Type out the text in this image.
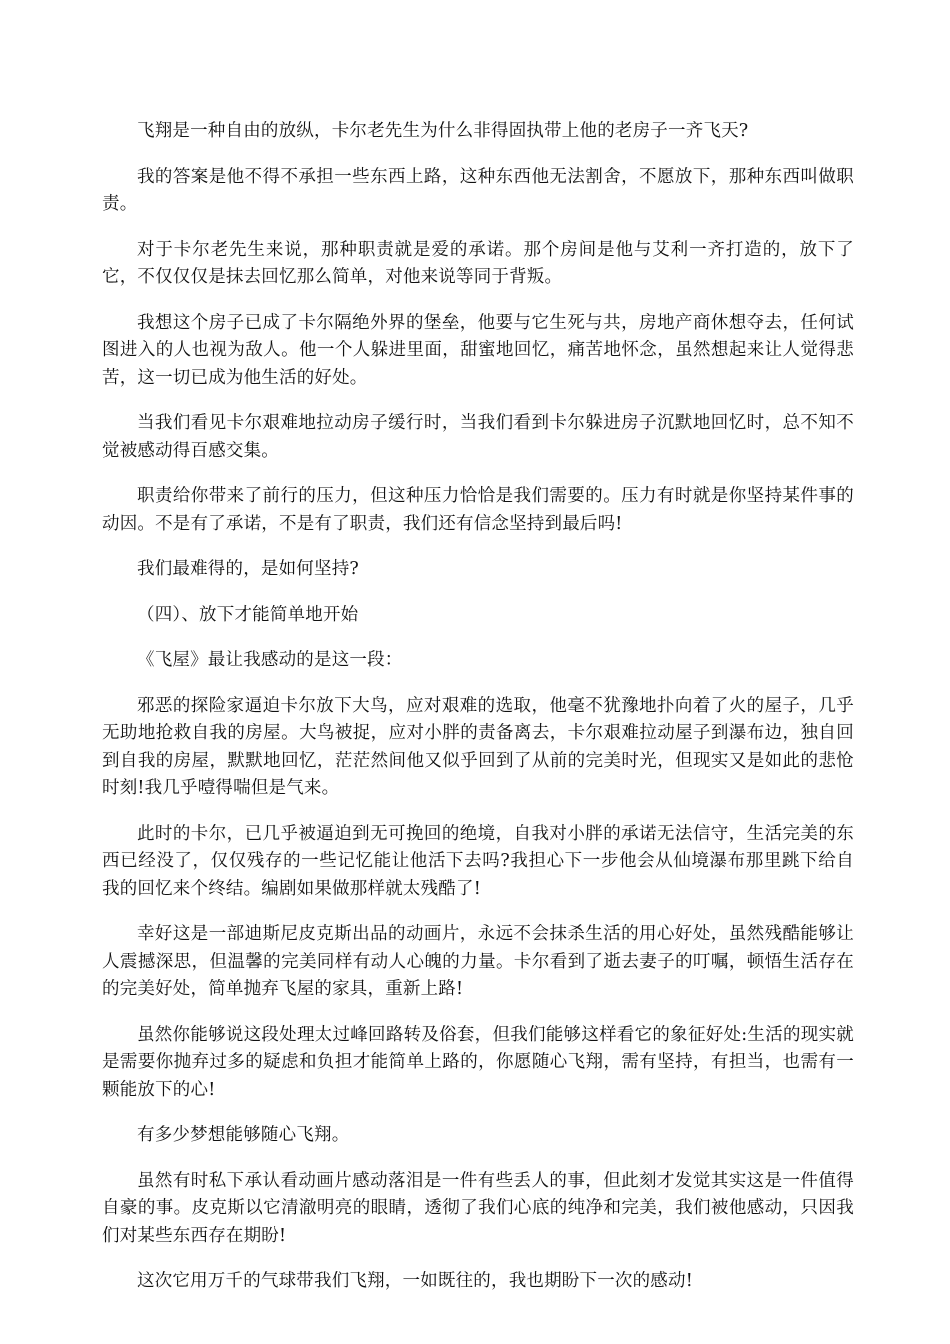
飞翔是一种自由的放纵，卡尔老先生为什么非得固执带上他的老房子一齐飞天?

我的答案是他不得不承担一些东西上路，这种东西他无法割舍，不愿放下，那种东西叫做职责。

对于卡尔老先生来说，那种职责就是爱的承诺。那个房间是他与艾利一齐打造的，放下了它，不仅仅仅是抹去回忆那么简单，对他来说等同于背叛。

我想这个房子已成了卡尔隔绝外界的堡垒，他要与它生死与共，房地产商休想夺去，任何试图进入的人也视为敌人。他一个人躲进里面，甜蜜地回忆，痛苦地怀念，虽然想起来让人觉得悲苦，这一切已成为他生活的好处。

当我们看见卡尔艰难地拉动房子缓行时，当我们看到卡尔躲进房子沉默地回忆时，总不知不觉被感动得百感交集。

职责给你带来了前行的压力，但这种压力恰恰是我们需要的。压力有时就是你坚持某件事的动因。不是有了承诺，不是有了职责，我们还有信念坚持到最后吗!

我们最难得的，是如何坚持?

（四）、放下才能简单地开始

《飞屋》最让我感动的是这一段：

邪恶的探险家逼迫卡尔放下大鸟，应对艰难的选取，他毫不犹豫地扑向着了火的屋子，几乎无助地抢救自我的房屋。大鸟被捉，应对小胖的责备离去，卡尔艰难拉动屋子到瀑布边，独自回到自我的房屋，默默地回忆，茫茫然间他又似乎回到了从前的完美时光，但现实又是如此的悲怆时刻!我几乎噎得喘但是气来。

此时的卡尔，已几乎被逼迫到无可挽回的绝境，自我对小胖的承诺无法信守，生活完美的东西已经没了，仅仅残存的一些记忆能让他活下去吗?我担心下一步他会从仙境瀑布那里跳下给自我的回忆来个终结。编剧如果做那样就太残酷了!

幸好这是一部迪斯尼皮克斯出品的动画片，永远不会抹杀生活的用心好处，虽然残酷能够让人震撼深思，但温馨的完美同样有动人心魄的力量。卡尔看到了逝去妻子的叮嘱，顿悟生活存在的完美好处，简单抛弃飞屋的家具，重新上路!

虽然你能够说这段处理太过峰回路转及俗套，但我们能够这样看它的象征好处:生活的现实就是需要你抛弃过多的疑虑和负担才能简单上路的，你愿随心飞翔，需有坚持，有担当，也需有一颗能放下的心!

有多少梦想能够随心飞翔。

虽然有时私下承认看动画片感动落泪是一件有些丢人的事，但此刻才发觉其实这是一件值得自豪的事。皮克斯以它清澈明亮的眼睛，透彻了我们心底的纯净和完美，我们被他感动，只因我们对某些东西存在期盼!

这次它用万千的气球带我们飞翔，一如既往的，我也期盼下一次的感动!
